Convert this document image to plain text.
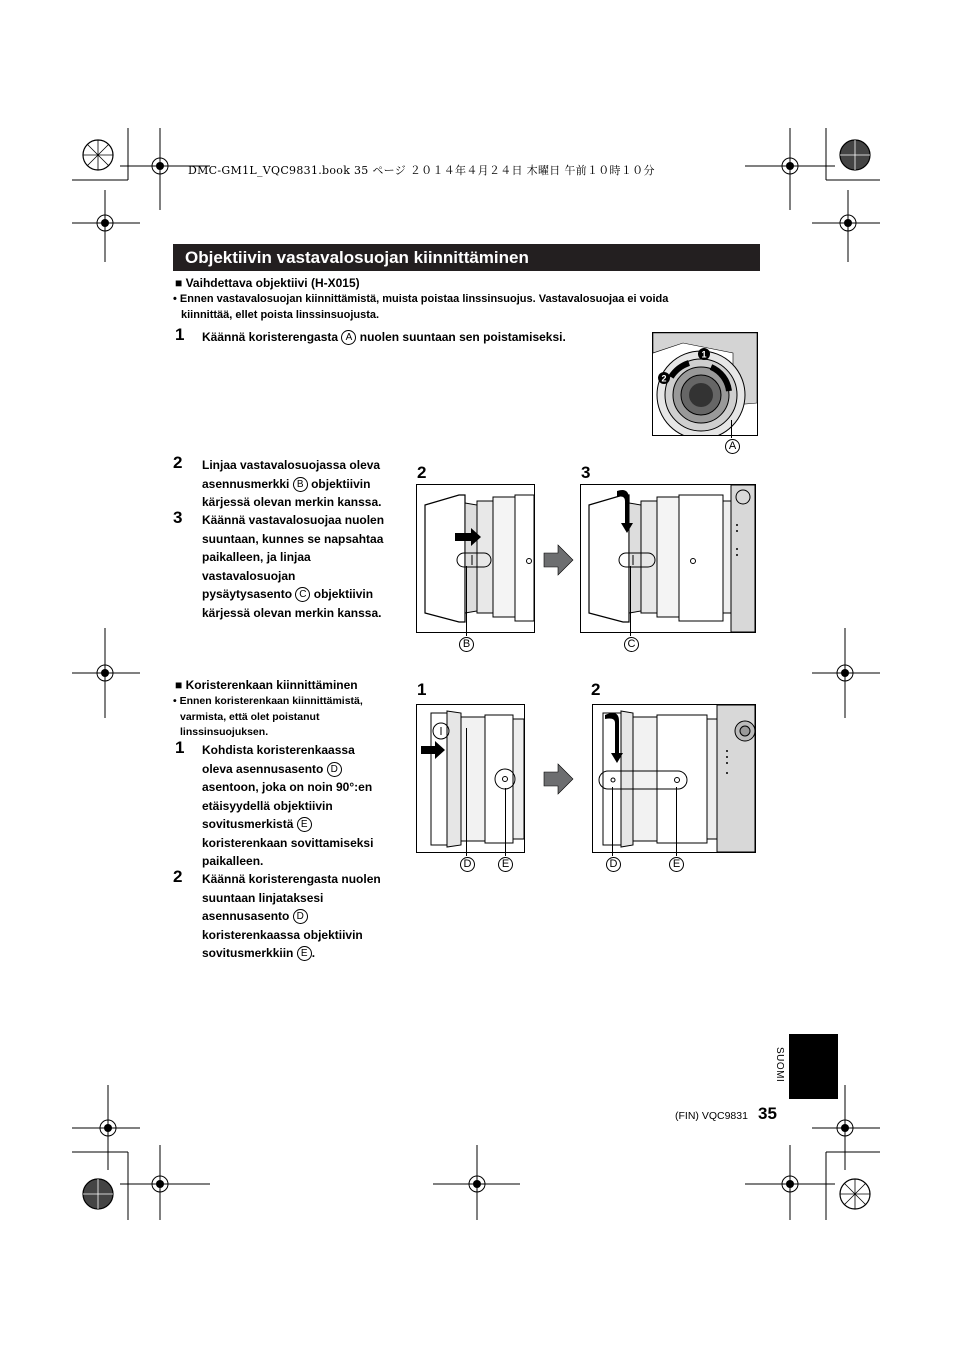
DMC-GM1L_VQC9831.book 35 ページ ２０１４年４月２４日 木曜日 午前１０時１０分
Objektiivin vastavalosuojan kiinnittäminen
■ Vaihdettava objektiivi (H-X015)
• Ennen vastavalosuojan kiinnittämistä, muista poistaa linssinsuojus. Vastavalosuojaa ei voida
kiinnittää, ellet poista linssinsuojusta.
1 Käännä koristerengasta A nuolen suuntaan sen poistamiseksi.
1
2
A
2 Linjaa vastavalosuojassa oleva
asennusmerkki B objektiivin
kärjessä olevan merkin kanssa.
3 Käännä vastavalosuojaa nuolen
suuntaan, kunnes se napsahtaa
paikalleen, ja linjaa
vastavalosuojan
pysäytysasento C objektiivin
kärjessä olevan merkin kanssa.
2
B
3
C
■ Koristerenkaan kiinnittäminen
• Ennen koristerenkaan kiinnittämistä,
varmista, että olet poistanut
linssinsuojuksen.
1 Kohdista koristerenkaassa
oleva asennusasento D
asentoon, joka on noin 90°:en
etäisyydellä objektiivin
sovitusmerkistä E
koristerenkaan sovittamiseksi
paikalleen.
2 Käännä koristerengasta nuolen
suuntaan linjataksesi
asennusasento D
koristerenkaassa objektiivin
sovitusmerkkiin E .
1
D	E
2
D	E
SUOMI
(FIN) VQC9831 35
